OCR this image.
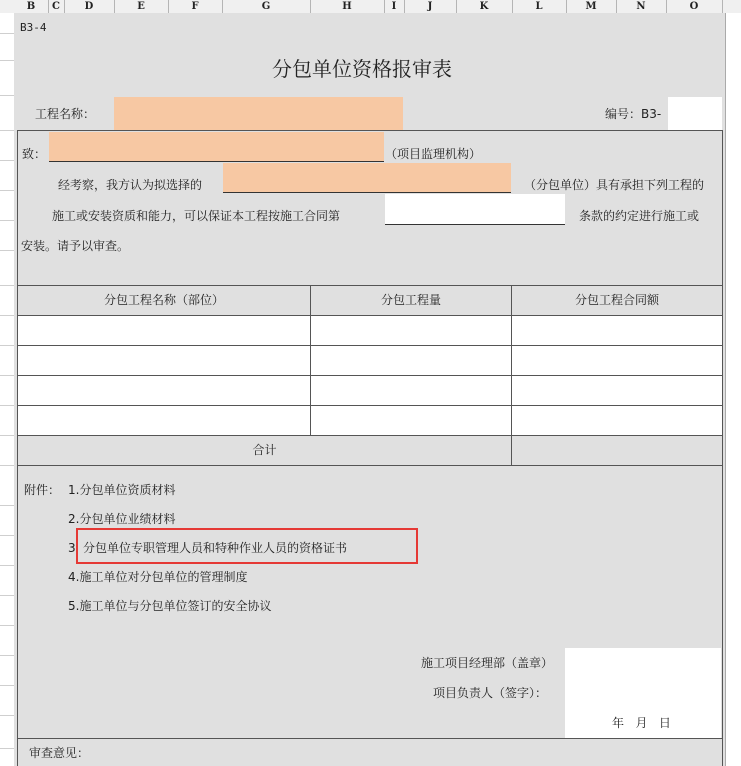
B	C	D	E	F	G	H	I	J	K	L	M	N	O
B3-4
分包单位资格报审表
工程名称：	编号：B3-
致：	（项目监理机构）
经考察，我方认为拟选择的	（分包单位）具有承担下列工程的
施工或安装资质和能力，可以保证本工程按施工合同第	条款的约定进行施工或
安装。请予以审查。
分包工程名称（部位）	分包工程量	分包工程合同额
合计
附件： 1.分包单位资质材料
2.分包单位业绩材料
3 分包单位专职管理人员和特种作业人员的资格证书
4.施工单位对分包单位的管理制度
5.施工单位与分包单位签订的安全协议
施工项目经理部（盖章）
项目负责人（签字）：
年   月   日
审查意见：
